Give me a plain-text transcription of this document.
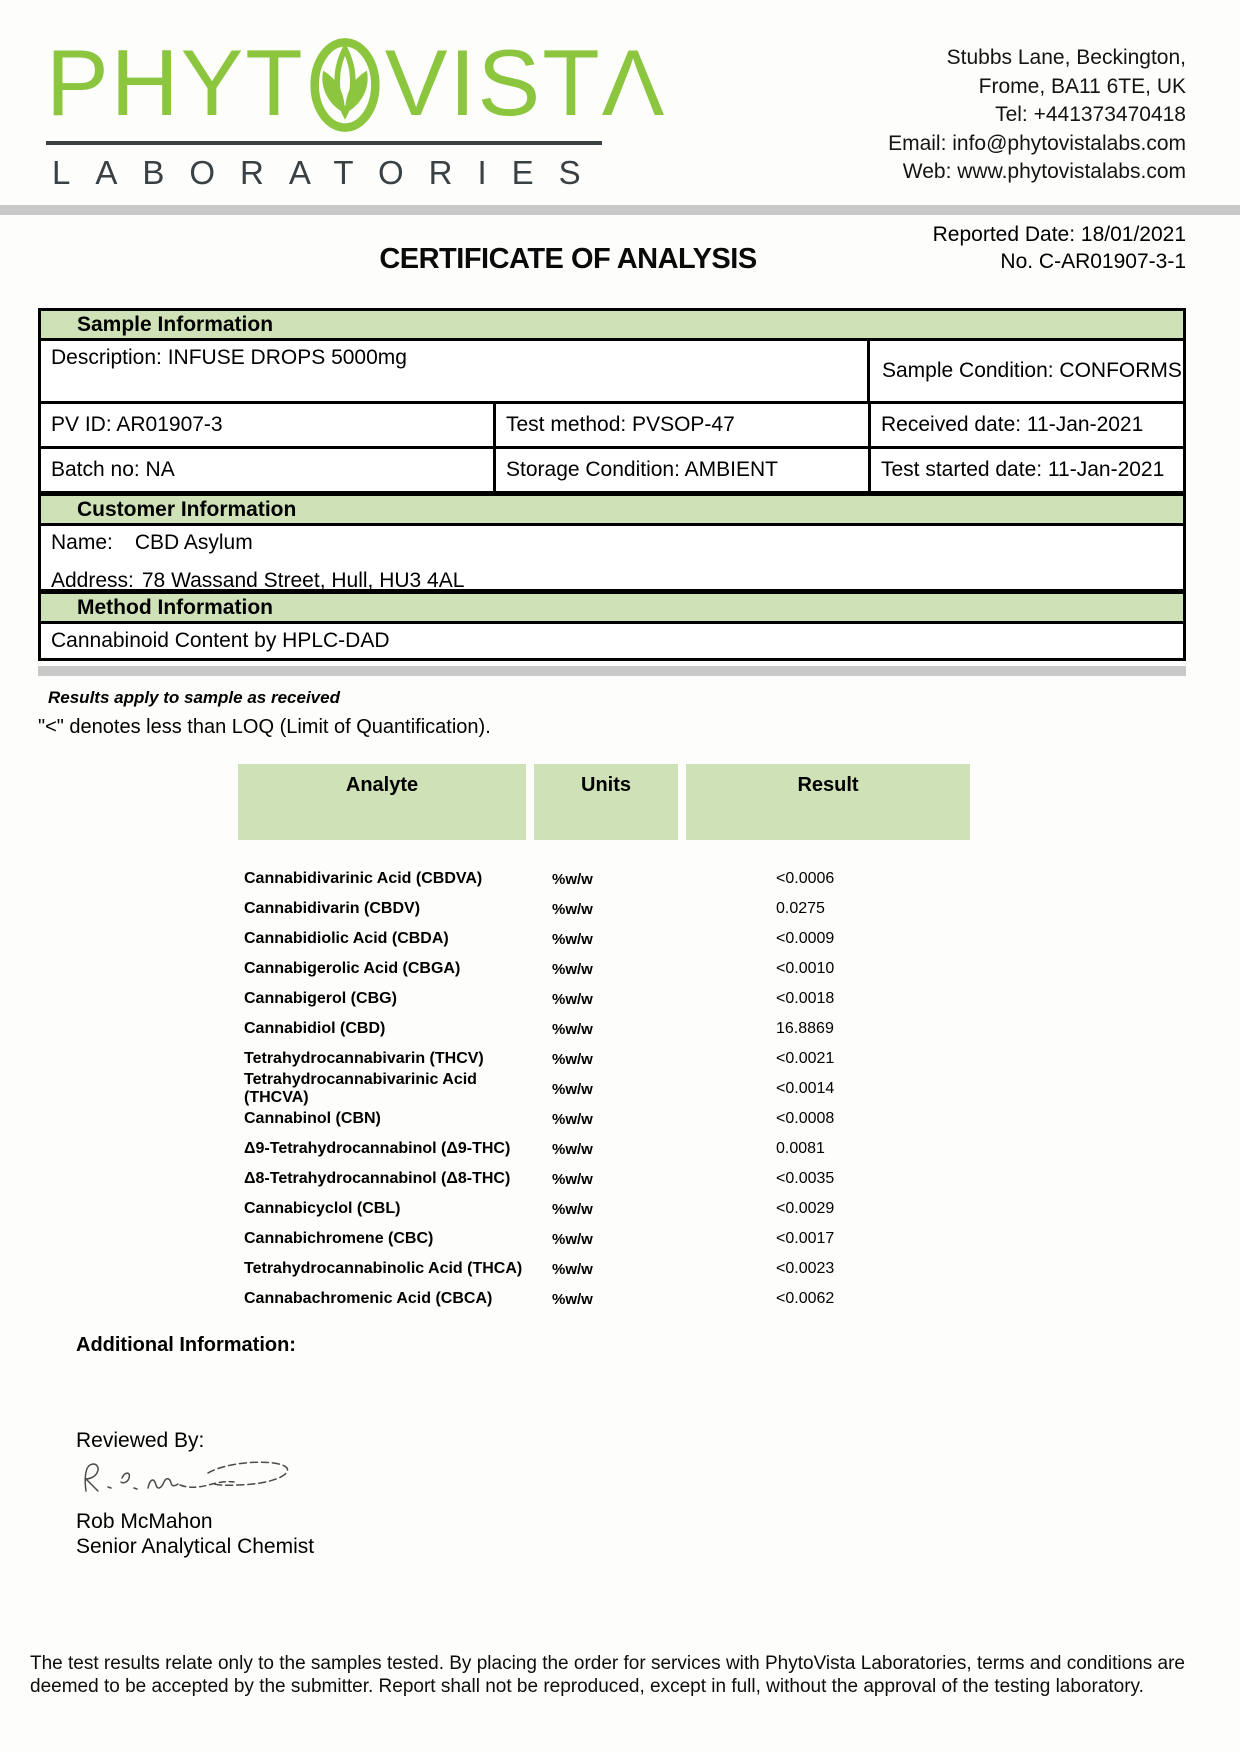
PHYT VISTΛ
LABORATORIES
Stubbs Lane, Beckington,
Frome, BA11 6TE, UK
Tel: +441373470418
Email: info@phytovistalabs.com
Web: www.phytovistalabs.com
Reported Date: 18/01/2021
No. C-AR01907-3-1
CERTIFICATE OF ANALYSIS
Sample Information
Description: INFUSE DROPS 5000mg
Sample Condition: CONFORMS
PV ID: AR01907-3	Test method: PVSOP-47	Received date: 11-Jan-2021
Batch no: NA	Storage Condition: AMBIENT	Test started date: 11-Jan-2021
Customer Information
Name: CBD Asylum
Address: 78 Wassand Street, Hull, HU3 4AL
Method Information
Cannabinoid Content by HPLC-DAD
Results apply to sample as received
"<" denotes less than LOQ (Limit of Quantification).
Analyte	Units	Result
Cannabidivarinic Acid (CBDVA)	%w/w	<0.0006
Cannabidivarin (CBDV)	%w/w	0.0275
Cannabidiolic Acid (CBDA)	%w/w	<0.0009
Cannabigerolic Acid (CBGA)	%w/w	<0.0010
Cannabigerol (CBG)	%w/w	<0.0018
Cannabidiol (CBD)	%w/w	16.8869
Tetrahydrocannabivarin (THCV)	%w/w	<0.0021
Tetrahydrocannabivarinic Acid (THCVA)	%w/w	<0.0014
Cannabinol (CBN)	%w/w	<0.0008
Δ9-Tetrahydrocannabinol (Δ9-THC)	%w/w	0.0081
Δ8-Tetrahydrocannabinol (Δ8-THC)	%w/w	<0.0035
Cannabicyclol (CBL)	%w/w	<0.0029
Cannabichromene (CBC)	%w/w	<0.0017
Tetrahydrocannabinolic Acid (THCA)	%w/w	<0.0023
Cannabachromenic Acid (CBCA)	%w/w	<0.0062
Additional Information:
Reviewed By:
Rob McMahon
Senior Analytical Chemist
The test results relate only to the samples tested. By placing the order for services with PhytoVista Laboratories, terms and conditions are
deemed to be accepted by the submitter. Report shall not be reproduced, except in full, without the approval of the testing laboratory.
